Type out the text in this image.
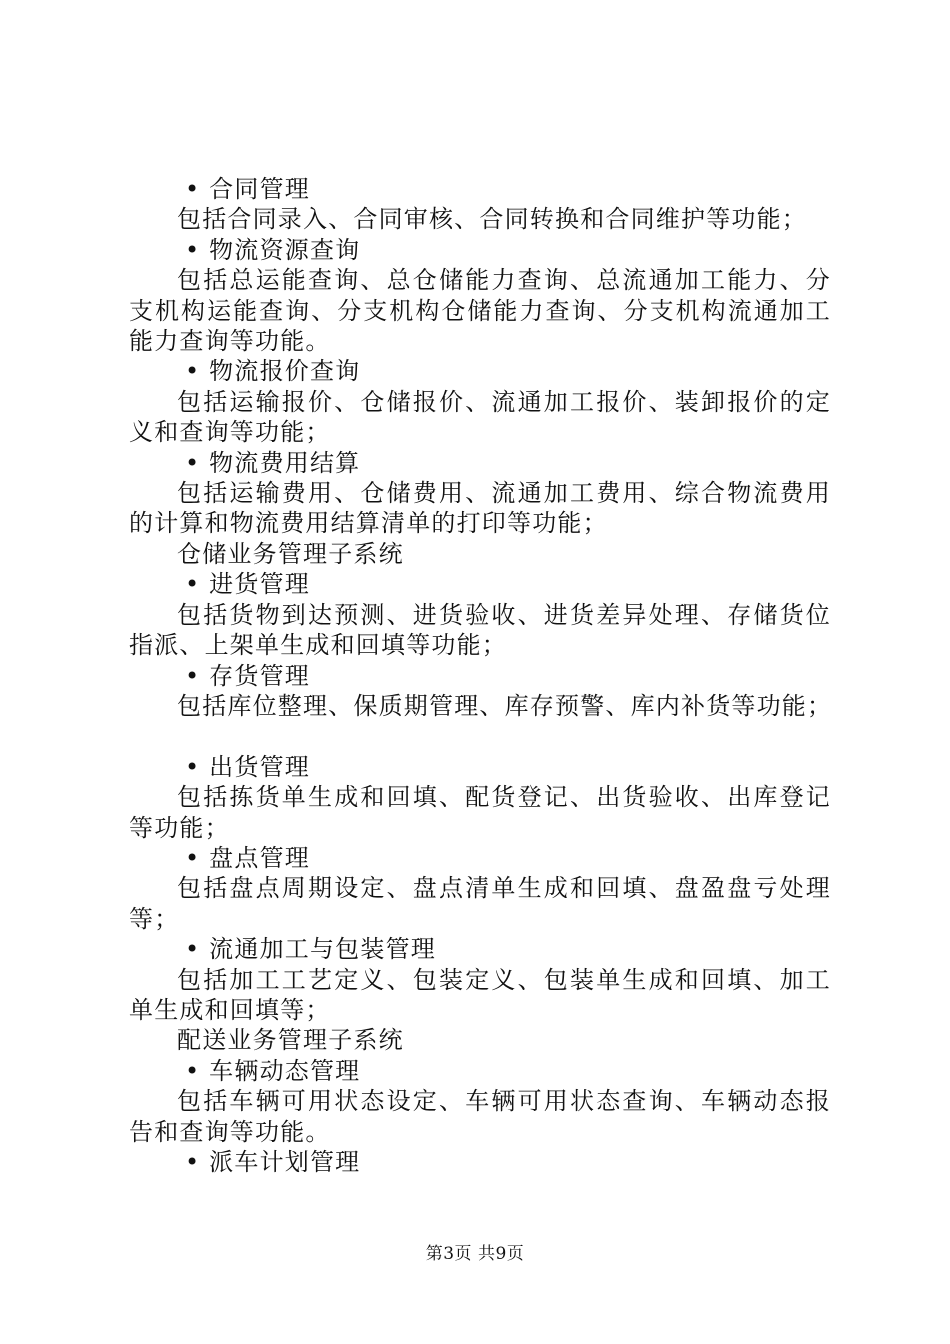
• 合同管理
包括合同录入、合同审核、合同转换和合同维护等功能；
• 物流资源查询
包括总运能查询、总仓储能力查询、总流通加工能力、分
支机构运能查询、分支机构仓储能力查询、分支机构流通加工
能力查询等功能。
• 物流报价查询
包括运输报价、仓储报价、流通加工报价、装卸报价的定
义和查询等功能；
• 物流费用结算
包括运输费用、仓储费用、流通加工费用、综合物流费用
的计算和物流费用结算清单的打印等功能；
仓储业务管理子系统
• 进货管理
包括货物到达预测、进货验收、进货差异处理、存储货位
指派、上架单生成和回填等功能；
• 存货管理
包括库位整理、保质期管理、库存预警、库内补货等功能；
• 出货管理
包括拣货单生成和回填、配货登记、出货验收、出库登记
等功能；
• 盘点管理
包括盘点周期设定、盘点清单生成和回填、盘盈盘亏处理
等；
• 流通加工与包装管理
包括加工工艺定义、包装定义、包装单生成和回填、加工
单生成和回填等；
配送业务管理子系统
• 车辆动态管理
包括车辆可用状态设定、车辆可用状态查询、车辆动态报
告和查询等功能。
• 派车计划管理
第3页 共9页
